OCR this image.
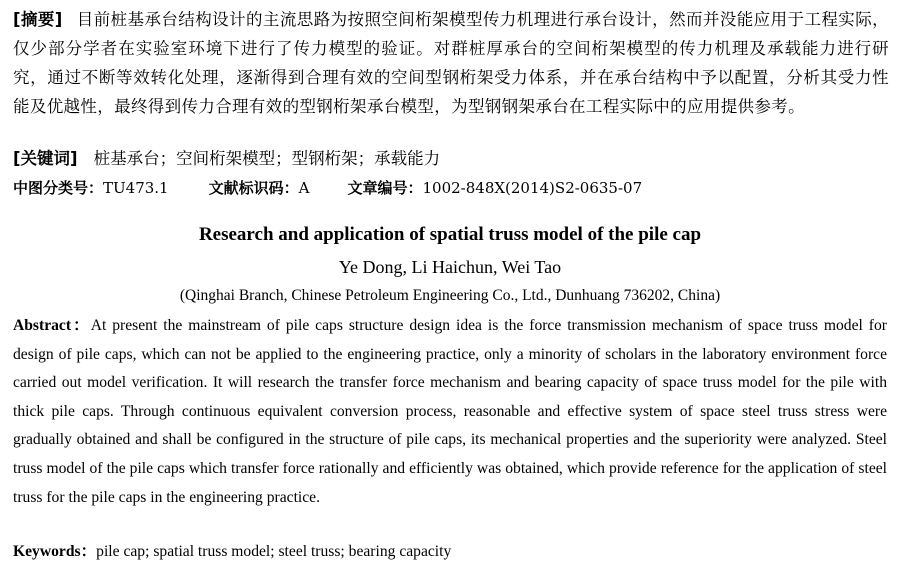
[摘要] 目前桩基承台结构设计的主流思路为按照空间桁架模型传力机理进行承台设计，然而并没能应用于工程实际，仅少部分学者在实验室环境下进行了传力模型的验证。对群桩厚承台的空间桁架模型的传力机理及承载能力进行研究，通过不断等效转化处理，逐渐得到合理有效的空间型钢桁架受力体系，并在承台结构中予以配置，分析其受力性能及优越性，最终得到传力合理有效的型钢桁架承台模型，为型钢钢架承台在工程实际中的应用提供参考。
[关键词] 桩基承台；空间桁架模型；型钢桁架；承载能力
中图分类号：TU473.1	文献标识码：A	文章编号：1002-848X(2014)S2-0635-07
Research and application of spatial truss model of the pile cap
Ye Dong, Li Haichun, Wei Tao
(Qinghai Branch, Chinese Petroleum Engineering Co., Ltd., Dunhuang 736202, China)
Abstract：At present the mainstream of pile caps structure design idea is the force transmission mechanism of space truss model for design of pile caps, which can not be applied to the engineering practice, only a minority of scholars in the laboratory environment force carried out model verification. It will research the transfer force mechanism and bearing capacity of space truss model for the pile with thick pile caps. Through continuous equivalent conversion process, reasonable and effective system of space steel truss stress were gradually obtained and shall be configured in the structure of pile caps, its mechanical properties and the superiority were analyzed. Steel truss model of the pile caps which transfer force rationally and efficiently was obtained, which provide reference for the application of steel truss for the pile caps in the engineering practice.
Keywords：pile cap; spatial truss model; steel truss; bearing capacity
